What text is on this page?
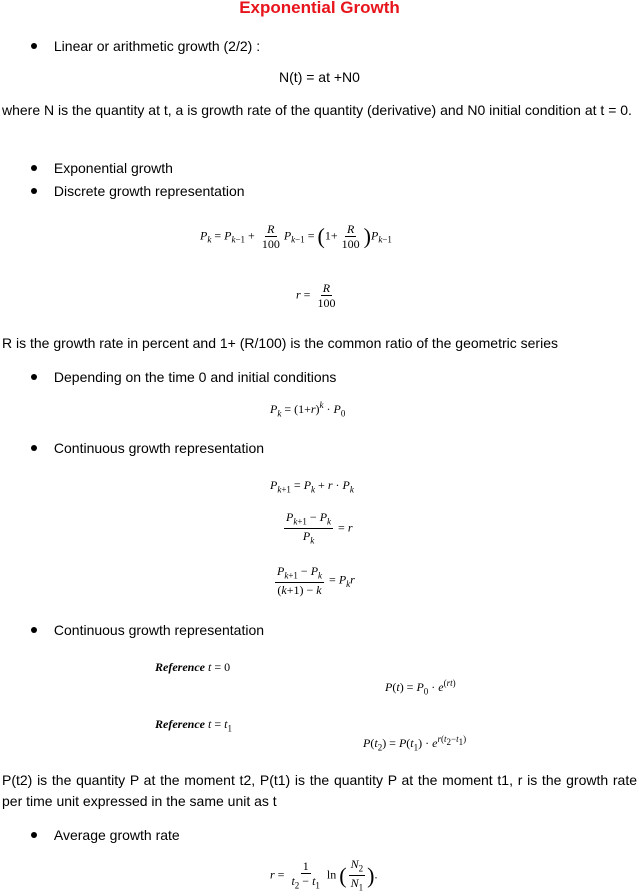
Exponential Growth
Linear or arithmetic growth (2/2) :
N(t) = at +N0
where N is the quantity at t, a is growth rate of the quantity (derivative) and N0 initial condition at t = 0.
Exponential growth
Discrete growth representation
$P_k = P_{k-1} + \frac{R}{100} P_{k-1} = (1+ \frac{R}{100} )P_{k-1}$
$r = \frac{R}{100}$
R is the growth rate in percent and 1+ (R/100) is the common ratio of the geometric series
Depending on the time 0 and initial conditions
$P_k = (1+r)^k \cdot P_0$
Continuous growth representation
$P_{k+1} = P_k + r \cdot P_k$
$\frac{P_{k+1} - P_k}{P_k} = r$
$\frac{P_{k+1} - P_k}{(k+1) - k} = P_kr$
Continuous growth representation
Reference t = 0
$P(t) = P_0 \cdot e^{(rt)}$
Reference $t = t_1$
$P(t_2) = P(t_1) \cdot e^{r(t_2-t_1)}$
P(t2) is the quantity P at the moment t2, P(t1) is the quantity P at the moment t1, r is the growth rate per time unit expressed in the same unit as t
Average growth rate
$r = \frac{1}{t_2 - t_1}$ ln ( $\frac{N_2}{N_1}$ ).
